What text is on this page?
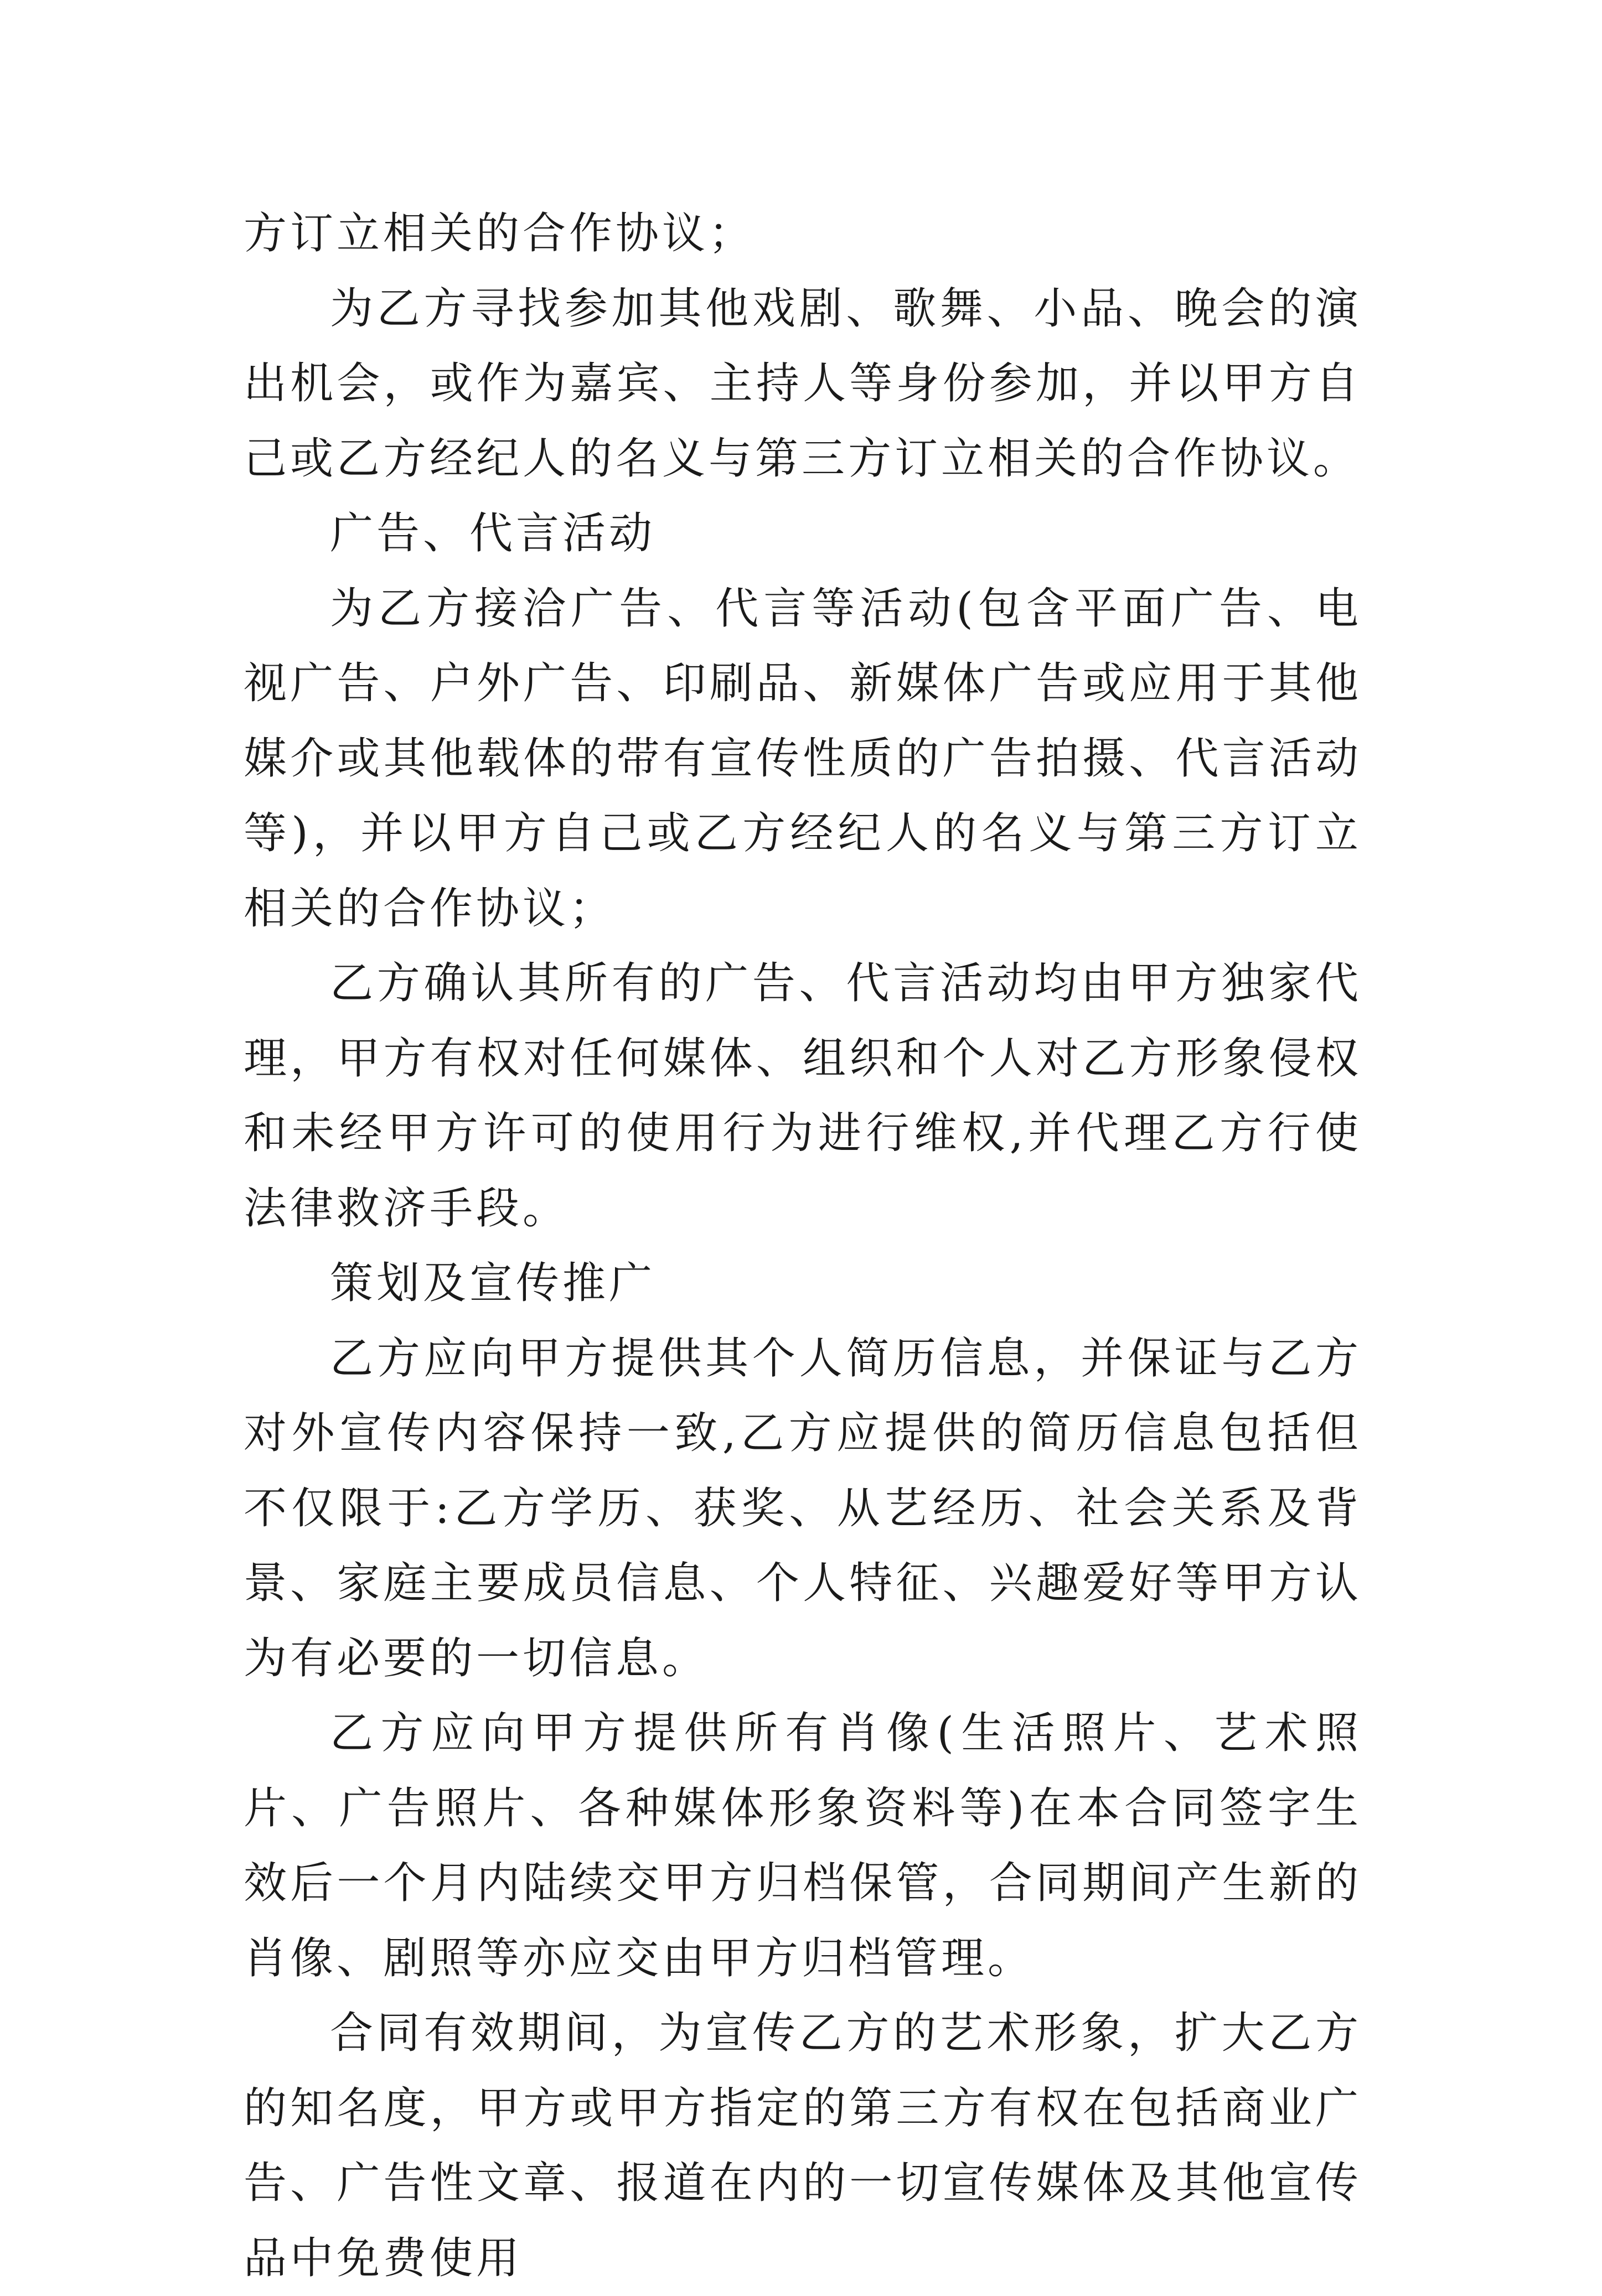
方订立相关的合作协议；

为乙方寻找参加其他戏剧、歌舞、小品、晚会的演出机会，或作为嘉宾、主持人等身份参加，并以甲方自己或乙方经纪人的名义与第三方订立相关的合作协议。

广告、代言活动

为乙方接洽广告、代言等活动(包含平面广告、电视广告、户外广告、印刷品、新媒体广告或应用于其他媒介或其他载体的带有宣传性质的广告拍摄、代言活动等)，并以甲方自己或乙方经纪人的名义与第三方订立相关的合作协议；

乙方确认其所有的广告、代言活动均由甲方独家代理，甲方有权对任何媒体、组织和个人对乙方形象侵权和未经甲方许可的使用行为进行维权,并代理乙方行使法律救济手段。

策划及宣传推广

乙方应向甲方提供其个人简历信息，并保证与乙方对外宣传内容保持一致,乙方应提供的简历信息包括但不仅限于:乙方学历、获奖、从艺经历、社会关系及背景、家庭主要成员信息、个人特征、兴趣爱好等甲方认为有必要的一切信息。

乙方应向甲方提供所有肖像(生活照片、艺术照片、广告照片、各种媒体形象资料等)在本合同签字生效后一个月内陆续交甲方归档保管，合同期间产生新的肖像、剧照等亦应交由甲方归档管理。

合同有效期间，为宣传乙方的艺术形象，扩大乙方的知名度，甲方或甲方指定的第三方有权在包括商业广告、广告性文章、报道在内的一切宣传媒体及其他宣传品中免费使用
